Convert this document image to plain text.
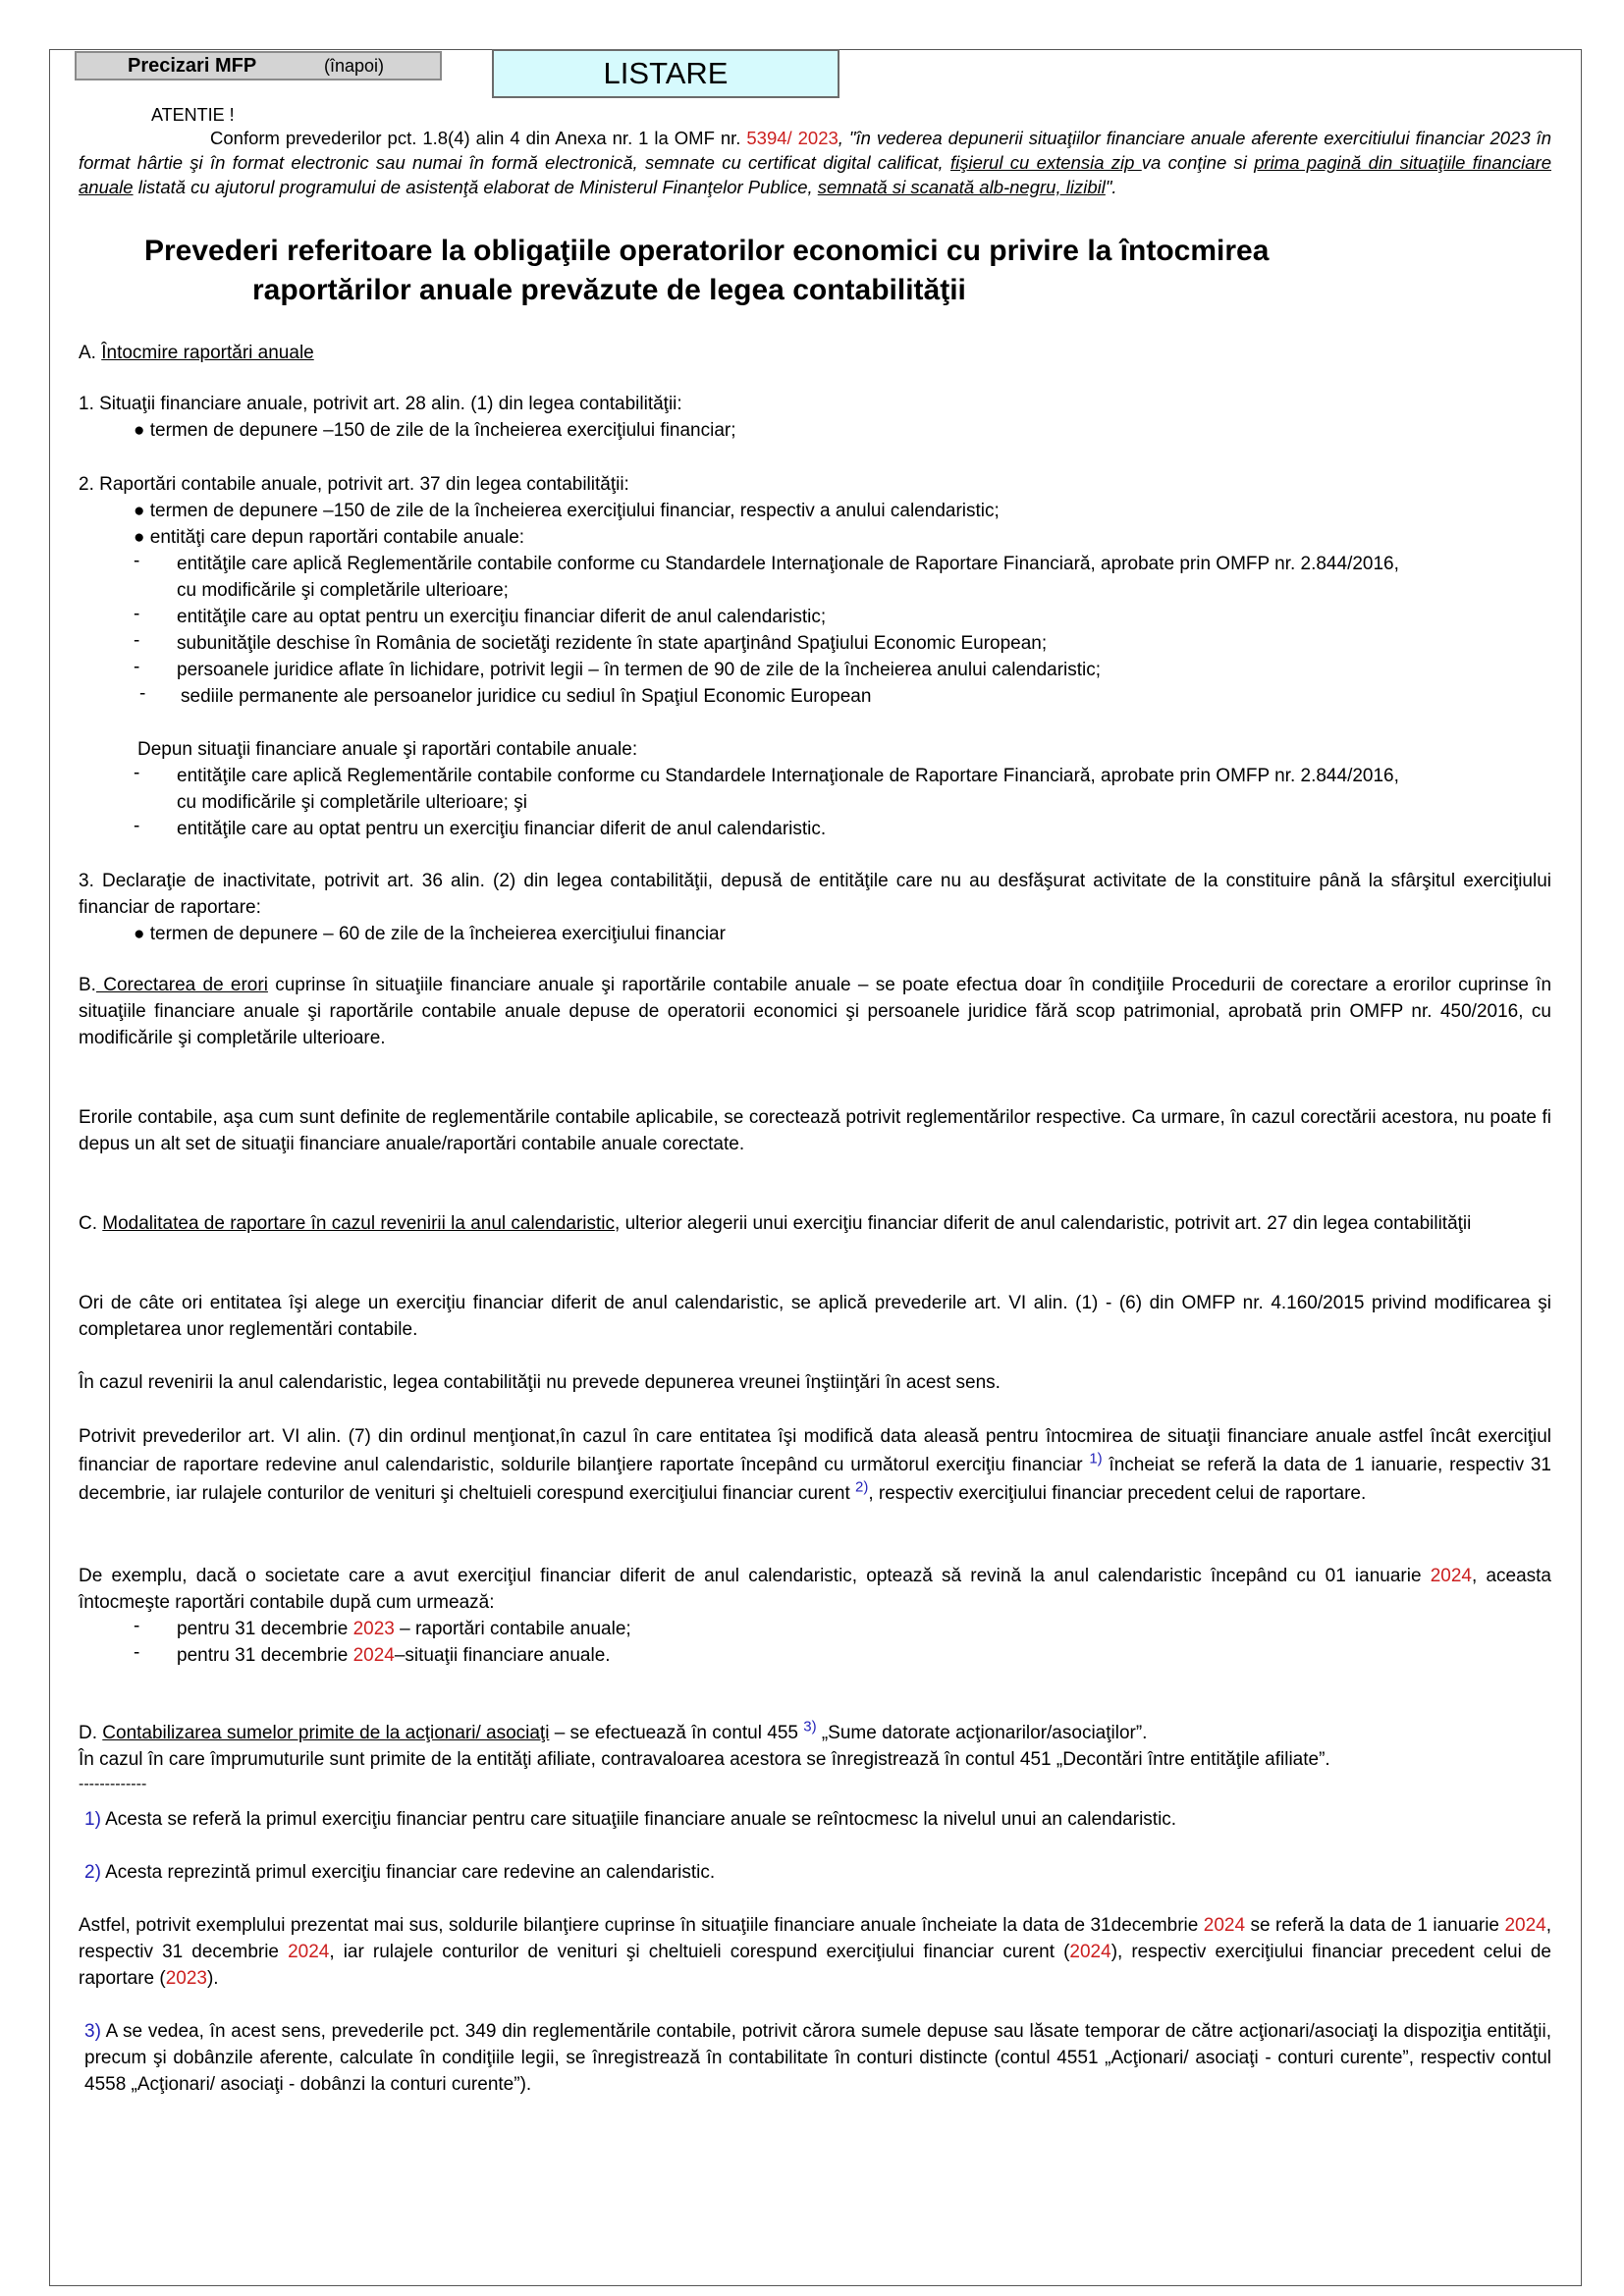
Precizari MFP	(înapoi)	LISTARE
ATENTIE !

Conform prevederilor pct. 1.8(4) alin 4 din Anexa nr. 1 la OMF nr. 5394/ 2023, "în vederea depunerii situaţiilor financiare anuale aferente exercitiului financiar 2023 în format hârtie şi în format electronic sau numai în formă electronică, semnate cu certificat digital calificat, fişierul cu extensia zip va conţine si prima pagină din situaţiile financiare anuale listată cu ajutorul programului de asistenţă elaborat de Ministerul Finanţelor Publice, semnată si scanată alb-negru, lizibil".

Prevederi referitoare la obligaţiile operatorilor economici cu privire la întocmirea
raportărilor anuale prevăzute de legea contabilităţii

A. Întocmire raportări anuale

1. Situaţii financiare anuale, potrivit art. 28 alin. (1) din legea contabilităţii:

● termen de depunere –150 de zile de la încheierea exerciţiului financiar;

2. Raportări contabile anuale, potrivit art. 37 din legea contabilităţii:

● termen de depunere –150 de zile de la încheierea exerciţiului financiar, respectiv a anului calendaristic;
● entităţi care depun raportări contabile anuale:
- entităţile care aplică Reglementările contabile conforme cu Standardele Internaţionale de Raportare Financiară, aprobate prin OMFP nr. 2.844/2016,
cu modificările şi completările ulterioare;
- entităţile care au optat pentru un exerciţiu financiar diferit de anul calendaristic;
- subunităţile deschise în România de societăţi rezidente în state aparţinând Spaţiului Economic European;
- persoanele juridice aflate în lichidare, potrivit legii – în termen de 90 de zile de la încheierea anului calendaristic;
- sediile permanente ale persoanelor juridice cu sediul în Spaţiul Economic European
Depun situaţii financiare anuale şi raportări contabile anuale:
- entităţile care aplică Reglementările contabile conforme cu Standardele Internaţionale de Raportare Financiară, aprobate prin OMFP nr. 2.844/2016,
cu modificările şi completările ulterioare; şi
- entităţile care au optat pentru un exerciţiu financiar diferit de anul calendaristic.

3. Declaraţie de inactivitate, potrivit art. 36 alin. (2) din legea contabilităţii, depusă de entităţile care nu au desfăşurat activitate de la constituire până la sfârşitul exerciţiului financiar de raportare:

● termen de depunere – 60 de zile de la încheierea exerciţiului financiar

B. Corectarea de erori cuprinse în situaţiile financiare anuale şi raportările contabile anuale – se poate efectua doar în condiţiile Procedurii de corectare a erorilor cuprinse în situaţiile financiare anuale şi raportările contabile anuale depuse de operatorii economici şi persoanele juridice fără scop patrimonial, aprobată prin OMFP nr. 450/2016, cu modificările şi completările ulterioare.

Erorile contabile, aşa cum sunt definite de reglementările contabile aplicabile, se corectează potrivit reglementărilor respective. Ca urmare, în cazul corectării acestora, nu poate fi depus un alt set de situaţii financiare anuale/raportări contabile anuale corectate.

C. Modalitatea de raportare în cazul revenirii la anul calendaristic, ulterior alegerii unui exerciţiu financiar diferit de anul calendaristic, potrivit art. 27 din legea contabilităţii

Ori de câte ori entitatea îşi alege un exerciţiu financiar diferit de anul calendaristic, se aplică prevederile art. VI alin. (1) - (6) din OMFP nr. 4.160/2015 privind modificarea şi completarea unor reglementări contabile.

În cazul revenirii la anul calendaristic, legea contabilităţii nu prevede depunerea vreunei înştiinţări în acest sens.

Potrivit prevederilor art. VI alin. (7) din ordinul menţionat,în cazul în care entitatea îşi modifică data aleasă pentru întocmirea de situaţii financiare anuale astfel încât exerciţiul financiar de raportare redevine anul calendaristic, soldurile bilanţiere raportate începând cu următorul exerciţiu financiar $^{1)}$ încheiat se referă la data de 1 ianuarie, respectiv 31 decembrie, iar rulajele conturilor de venituri şi cheltuieli corespund exerciţiului financiar curent $^{2)}$, respectiv exerciţiului financiar precedent celui de raportare.

De exemplu, dacă o societate care a avut exerciţiul financiar diferit de anul calendaristic, optează să revină la anul calendaristic începând cu 01 ianuarie 2024, aceasta întocmeşte raportări contabile după cum urmează:

- pentru 31 decembrie 2023 – raportări contabile anuale;
- pentru 31 decembrie 2024–situaţii financiare anuale.

D. Contabilizarea sumelor primite de la acţionari/ asociaţi – se efectuează în contul 455 $^{3)}$ „Sume datorate acţionarilor/asociaţilor”.

În cazul în care împrumuturile sunt primite de la entităţi afiliate, contravaloarea acestora se înregistrează în contul 451 „Decontări între entităţile afiliate”.

-------------

1) Acesta se referă la primul exerciţiu financiar pentru care situaţiile financiare anuale se reîntocmesc la nivelul unui an calendaristic.

2) Acesta reprezintă primul exerciţiu financiar care redevine an calendaristic.

Astfel, potrivit exemplului prezentat mai sus, soldurile bilanţiere cuprinse în situaţiile financiare anuale încheiate la data de 31decembrie 2024 se referă la data de 1 ianuarie 2024, respectiv 31 decembrie 2024, iar rulajele conturilor de venituri şi cheltuieli corespund exerciţiului financiar curent (2024), respectiv exerciţiului financiar precedent celui de raportare (2023).

3) A se vedea, în acest sens, prevederile pct. 349 din reglementările contabile, potrivit cărora sumele depuse sau lăsate temporar de către acţionari/asociaţi la dispoziţia entităţii, precum şi dobânzile aferente, calculate în condiţiile legii, se înregistrează în contabilitate în conturi distincte (contul 4551 „Acţionari/ asociaţi - conturi curente”, respectiv contul 4558 „Acţionari/ asociaţi - dobânzi la conturi curente”).
